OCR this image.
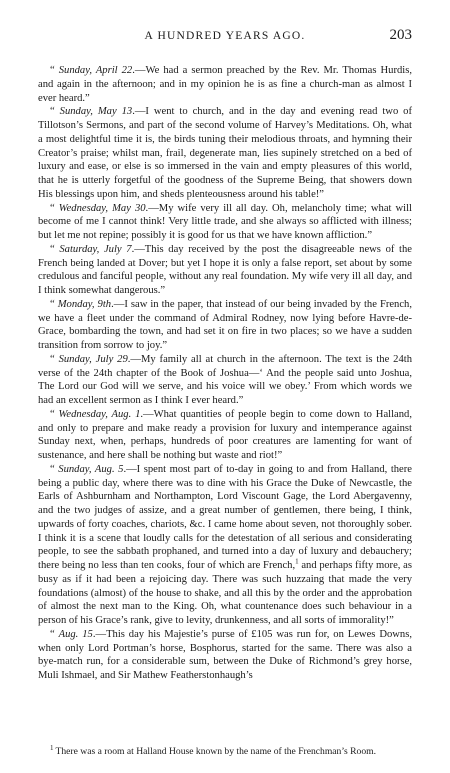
A HUNDRED YEARS AGO.	203

“ Sunday, April 22.—We had a sermon preached by the Rev. Mr. Thomas Hurdis, and again in the afternoon; and in my opinion he is as fine a church-man as almost I ever heard.”

“ Sunday, May 13.—I went to church, and in the day and evening read two of Tillotson’s Sermons, and part of the second volume of Harvey’s Meditations. Oh, what a most delightful time it is, the birds tuning their melodious throats, and hymning their Creator’s praise; whilst man, frail, degenerate man, lies supinely stretched on a bed of luxury and ease, or else is so immersed in the vain and empty pleasures of this world, that he is utterly forgetful of the goodness of the Supreme Being, that showers down His blessings upon him, and sheds plenteousness around his table!”

“ Wednesday, May 30.—My wife very ill all day. Oh, melancholy time; what will become of me I cannot think! Very little trade, and she always so afflicted with illness; but let me not repine; possibly it is good for us that we have known affliction.”

“ Saturday, July 7.—This day received by the post the disagreeable news of the French being landed at Dover; but yet I hope it is only a false report, set about by some credulous and fanciful people, without any real foundation. My wife very ill all day, and I think somewhat dangerous.”

“ Monday, 9th.—I saw in the paper, that instead of our being invaded by the French, we have a fleet under the command of Admiral Rodney, now lying before Havre-de-Grace, bombarding the town, and had set it on fire in two places; so we have a sudden transition from sorrow to joy.”

“ Sunday, July 29.—My family all at church in the afternoon. The text is the 24th verse of the 24th chapter of the Book of Joshua—‘ And the people said unto Joshua, The Lord our God will we serve, and his voice will we obey.’ From which words we had an excellent sermon as I think I ever heard.”

“ Wednesday, Aug. 1.—What quantities of people begin to come down to Halland, and only to prepare and make ready a provision for luxury and intemperance against Sunday next, when, perhaps, hundreds of poor creatures are lamenting for want of sustenance, and here shall be nothing but waste and riot!”

“ Sunday, Aug. 5.—I spent most part of to-day in going to and from Halland, there being a public day, where there was to dine with his Grace the Duke of Newcastle, the Earls of Ashburnham and Northampton, Lord Viscount Gage, the Lord Abergavenny, and the two judges of assize, and a great number of gentlemen, there being, I think, upwards of forty coaches, chariots, &c. I came home about seven, not thoroughly sober. I think it is a scene that loudly calls for the detestation of all serious and considerating people, to see the sabbath prophaned, and turned into a day of luxury and debauchery; there being no less than ten cooks, four of which are French,$^1$ and perhaps fifty more, as busy as if it had been a rejoicing day. There was such huzzaing that made the very foundations (almost) of the house to shake, and all this by the order and the approbation of almost the next man to the King. Oh, what countenance does such behaviour in a person of his Grace’s rank, give to levity, drunkenness, and all sorts of immorality!”

“ Aug. 15.—This day his Majestie’s purse of £105 was run for, on Lewes Downs, when only Lord Portman’s horse, Bosphorus, started for the same. There was also a bye-match run, for a considerable sum, between the Duke of Richmond’s grey horse, Muli Ishmael, and Sir Mathew Featherstonhaugh’s

$^1$ There was a room at Halland House known by the name of the Frenchman’s Room.
